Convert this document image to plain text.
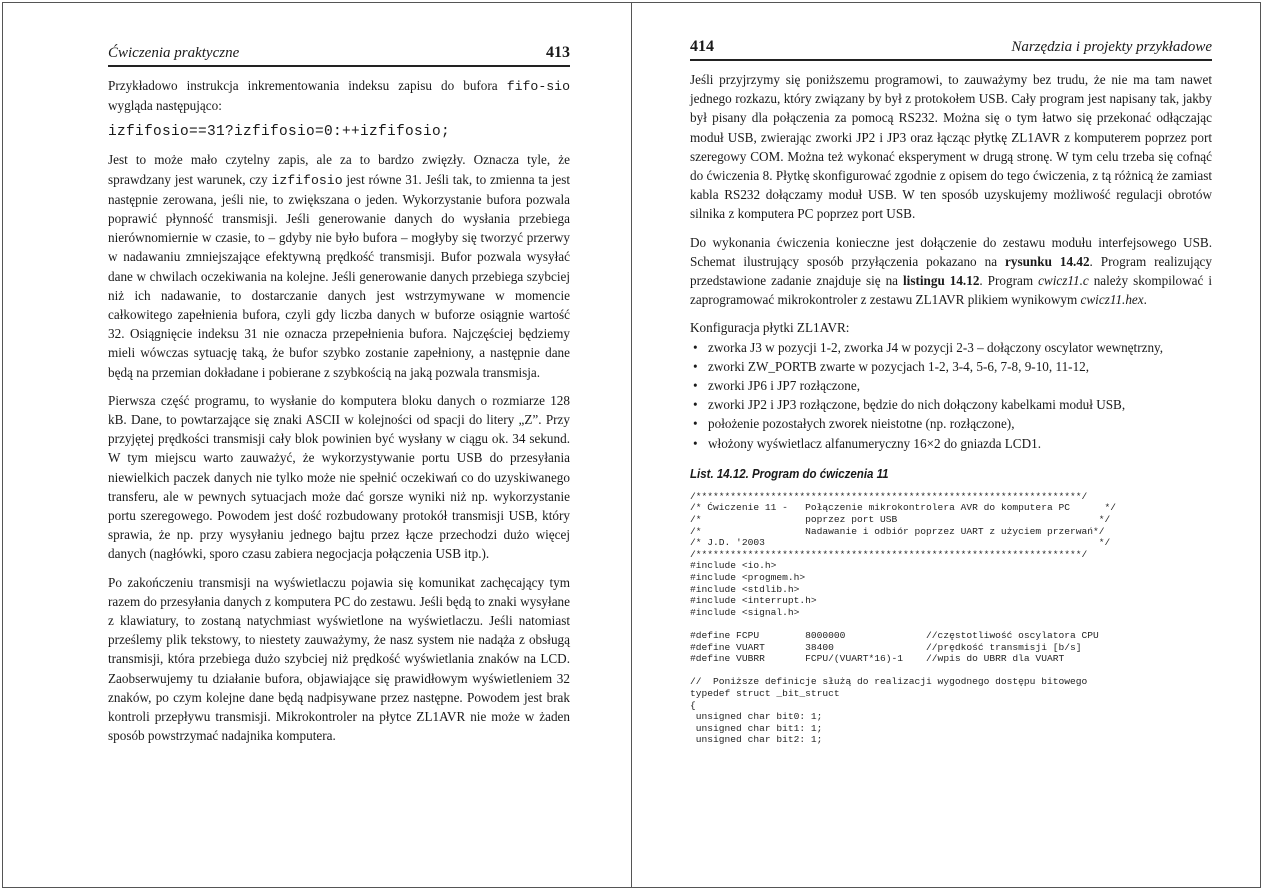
Ćwiczenia praktyczne	413

Przykładowo instrukcja inkrementowania indeksu zapisu do bufora fifo-sio wygląda następująco:

izfifosio==31?izfifosio=0:++izfifosio;

Jest to może mało czytelny zapis, ale za to bardzo zwięzły. Oznacza tyle, że sprawdzany jest warunek, czy izfifosio jest równe 31. Jeśli tak, to zmienna ta jest następnie zerowana, jeśli nie, to zwiększana o jeden. Wykorzystanie bufora pozwala poprawić płynność transmisji. Jeśli generowanie danych do wysłania przebiega nierównomiernie w czasie, to – gdyby nie było bufora – mogłyby się tworzyć przerwy w nadawaniu zmniejszające efektywną prędkość transmisji. Bufor pozwala wysyłać dane w chwilach oczekiwania na kolejne. Jeśli generowanie danych przebiega szybciej niż ich nadawanie, to dostarczanie danych jest wstrzymywane w momencie całkowitego zapełnienia bufora, czyli gdy liczba danych w buforze osiągnie wartość 32. Osiągnięcie indeksu 31 nie oznacza przepełnienia bufora. Najczęściej będziemy mieli wówczas sytuację taką, że bufor szybko zostanie zapełniony, a następnie dane będą na przemian dokładane i pobierane z szybkością na jaką pozwala transmisja.

Pierwsza część programu, to wysłanie do komputera bloku danych o rozmiarze 128 kB. Dane, to powtarzające się znaki ASCII w kolejności od spacji do litery „Z”. Przy przyjętej prędkości transmisji cały blok powinien być wysłany w ciągu ok. 34 sekund. W tym miejscu warto zauważyć, że wykorzystywanie portu USB do przesyłania niewielkich paczek danych nie tylko może nie spełnić oczekiwań co do uzyskiwanego transferu, ale w pewnych sytuacjach może dać gorsze wyniki niż np. wykorzystanie portu szeregowego. Powodem jest dość rozbudowany protokół transmisji USB, który sprawia, że np. przy wysyłaniu jednego bajtu przez łącze przechodzi dużo więcej danych (nagłówki, sporo czasu zabiera negocjacja połączenia USB itp.).

Po zakończeniu transmisji na wyświetlaczu pojawia się komunikat zachęcający tym razem do przesyłania danych z komputera PC do zestawu. Jeśli będą to znaki wysyłane z klawiatury, to zostaną natychmiast wyświetlone na wyświetlaczu. Jeśli natomiast prześlemy plik tekstowy, to niestety zauważymy, że nasz system nie nadąża z obsługą transmisji, która przebiega dużo szybciej niż prędkość wyświetlania znaków na LCD. Zaobserwujemy tu działanie bufora, objawiające się prawidłowym wyświetleniem 32 znaków, po czym kolejne dane będą nadpisywane przez następne. Powodem jest brak kontroli przepływu transmisji. Mikrokontroler na płytce ZL1AVR nie może w żaden sposób powstrzymać nadajnika komputera.

414	Narzędzia i projekty przykładowe

Jeśli przyjrzymy się poniższemu programowi, to zauważymy bez trudu, że nie ma tam nawet jednego rozkazu, który związany by był z protokołem USB. Cały program jest napisany tak, jakby był pisany dla połączenia za pomocą RS232. Można się o tym łatwo się przekonać odłączając moduł USB, zwierając zworki JP2 i JP3 oraz łącząc płytkę ZL1AVR z komputerem poprzez port szeregowy COM. Można też wykonać eksperyment w drugą stronę. W tym celu trzeba się cofnąć do ćwiczenia 8. Płytkę skonfigurować zgodnie z opisem do tego ćwiczenia, z tą różnicą że zamiast kabla RS232 dołączamy moduł USB. W ten sposób uzyskujemy możliwość regulacji obrotów silnika z komputera PC poprzez port USB.

Do wykonania ćwiczenia konieczne jest dołączenie do zestawu modułu interfejsowego USB. Schemat ilustrujący sposób przyłączenia pokazano na rysunku 14.42. Program realizujący przedstawione zadanie znajduje się na listingu 14.12. Program cwicz11.c należy skompilować i zaprogramować mikrokontroler z zestawu ZL1AVR plikiem wynikowym cwicz11.hex.

Konfiguracja płytki ZL1AVR:

• zworka J3 w pozycji 1-2, zworka J4 w pozycji 2-3 – dołączony oscylator wewnętrzny,
• zworki ZW_PORTB zwarte w pozycjach 1-2, 3-4, 5-6, 7-8, 9-10, 11-12,
• zworki JP6 i JP7 rozłączone,
• zworki JP2 i JP3 rozłączone, będzie do nich dołączony kabelkami moduł USB,
• położenie pozostałych zworek nieistotne (np. rozłączone),
• włożony wyświetlacz alfanumeryczny 16×2 do gniazda LCD1.
List. 14.12. Program do ćwiczenia 11
/*******************************************************************/
/* Ćwiczenie 11 -   Połączenie mikrokontrolera AVR do komputera PC      */
/*                  poprzez port USB                                   */
/*                  Nadawanie i odbiór poprzez UART z użyciem przerwań*/
/* J.D. '2003                                                          */
/*******************************************************************/
#include <io.h>
#include <progmem.h>
#include <stdlib.h>
#include <interrupt.h>
#include <signal.h>

#define FCPU        8000000              //częstotliwość oscylatora CPU
#define VUART       38400                //prędkość transmisji [b/s]
#define VUBRR       FCPU/(VUART*16)-1    //wpis do UBRR dla VUART

//  Poniższe definicje służą do realizacji wygodnego dostępu bitowego
typedef struct _bit_struct
{
unsigned char bit0: 1;
unsigned char bit1: 1;
unsigned char bit2: 1;
